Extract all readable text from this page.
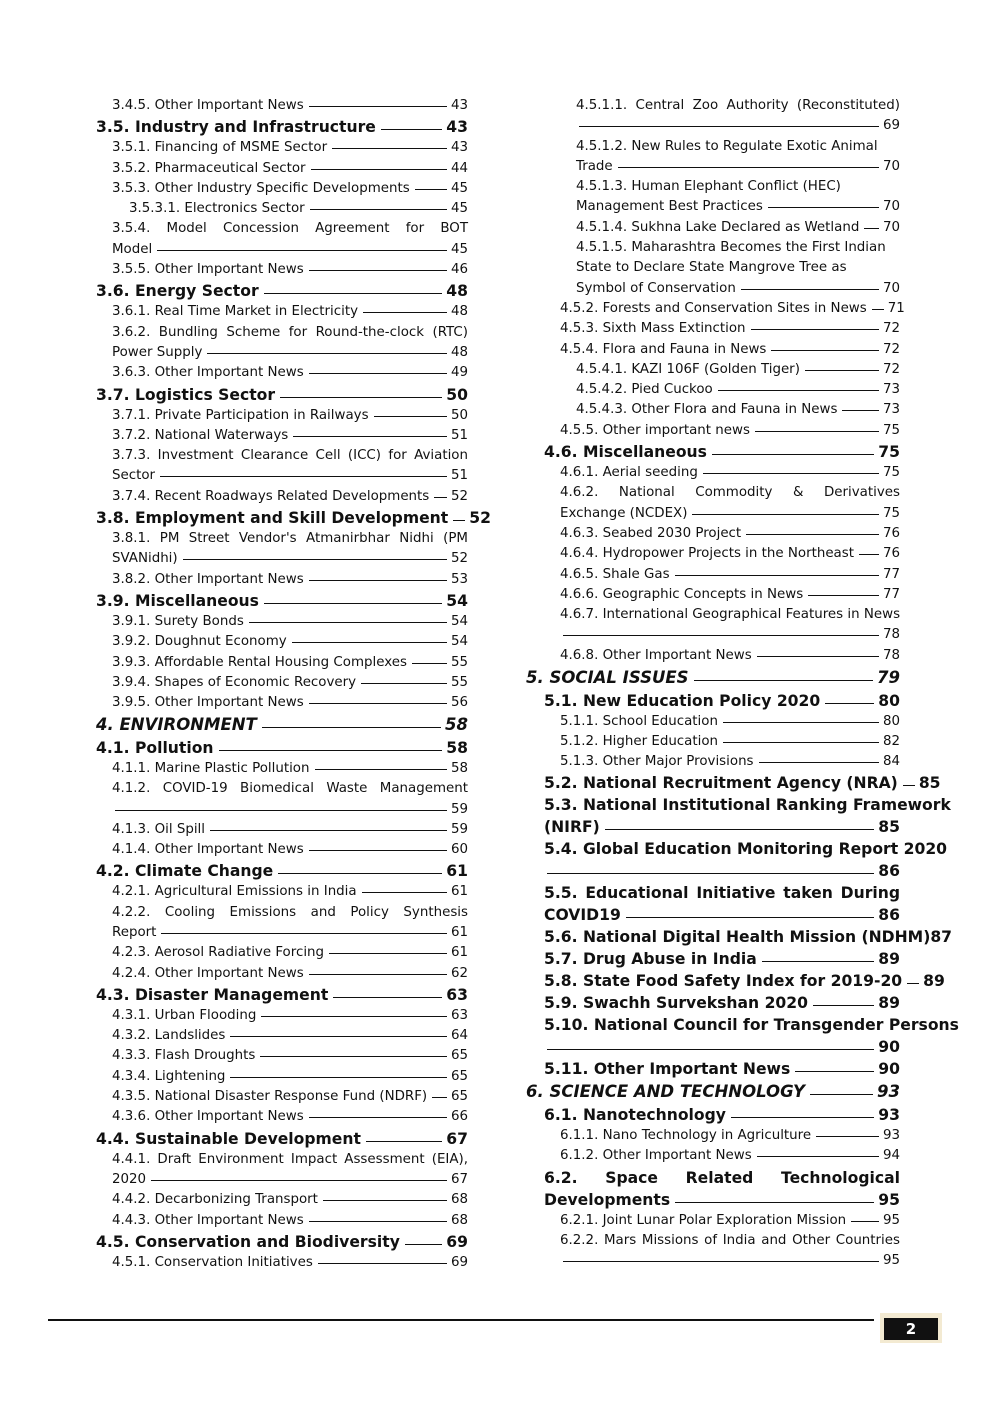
3.4.5. Other Important News	43
3.5. Industry and Infrastructure	43
3.5.1. Financing of MSME Sector	43
3.5.2. Pharmaceutical Sector	44
3.5.3. Other Industry Specific Developments	45
3.5.3.1. Electronics Sector	45
3.5.4. Model Concession Agreement for BOT
Model	45
3.5.5. Other Important News	46
3.6. Energy Sector	48
3.6.1. Real Time Market in Electricity	48
3.6.2. Bundling Scheme for Round-the-clock (RTC)
Power Supply	48
3.6.3. Other Important News	49
3.7. Logistics Sector	50
3.7.1. Private Participation in Railways	50
3.7.2. National Waterways	51
3.7.3. Investment Clearance Cell (ICC) for Aviation
Sector	51
3.7.4. Recent Roadways Related Developments 52
3.8. Employment and Skill Development 52
3.8.1. PM Street Vendor's Atmanirbhar Nidhi (PM
SVANidhi)	52
3.8.2. Other Important News	53
3.9. Miscellaneous	54
3.9.1. Surety Bonds	54
3.9.2. Doughnut Economy	54
3.9.3. Affordable Rental Housing Complexes	55
3.9.4. Shapes of Economic Recovery	55
3.9.5. Other Important News	56
4. ENVIRONMENT	58
4.1. Pollution	58
4.1.1. Marine Plastic Pollution	58
4.1.2. COVID-19 Biomedical Waste Management
59
4.1.3. Oil Spill	59
4.1.4. Other Important News	60
4.2. Climate Change	61
4.2.1. Agricultural Emissions in India	61
4.2.2. Cooling Emissions and Policy Synthesis
Report	61
4.2.3. Aerosol Radiative Forcing	61
4.2.4. Other Important News	62
4.3. Disaster Management	63
4.3.1. Urban Flooding	63
4.3.2. Landslides	64
4.3.3. Flash Droughts	65
4.3.4. Lightening	65
4.3.5. National Disaster Response Fund (NDRF) 65
4.3.6. Other Important News	66
4.4. Sustainable Development	67
4.4.1. Draft Environment Impact Assessment (EIA),
2020	67
4.4.2. Decarbonizing Transport	68
4.4.3. Other Important News	68
4.5. Conservation and Biodiversity	69
4.5.1. Conservation Initiatives	69
4.5.1.1. Central Zoo Authority (Reconstituted)
69
4.5.1.2. New Rules to Regulate Exotic Animal
Trade	70
4.5.1.3. Human Elephant Conflict (HEC)
Management Best Practices	70
4.5.1.4. Sukhna Lake Declared as Wetland 70
4.5.1.5. Maharashtra Becomes the First Indian
State to Declare State Mangrove Tree as
Symbol of Conservation	70
4.5.2. Forests and Conservation Sites in News 71
4.5.3. Sixth Mass Extinction	72
4.5.4. Flora and Fauna in News	72
4.5.4.1. KAZI 106F (Golden Tiger)	72
4.5.4.2. Pied Cuckoo	73
4.5.4.3. Other Flora and Fauna in News	73
4.5.5. Other important news	75
4.6. Miscellaneous	75
4.6.1. Aerial seeding	75
4.6.2. National Commodity & Derivatives
Exchange (NCDEX)	75
4.6.3. Seabed 2030 Project	76
4.6.4. Hydropower Projects in the Northeast 76
4.6.5. Shale Gas	77
4.6.6. Geographic Concepts in News	77
4.6.7. International Geographical Features in News
78
4.6.8. Other Important News	78
5. SOCIAL ISSUES	79
5.1. New Education Policy 2020	80
5.1.1. School Education	80
5.1.2. Higher Education	82
5.1.3. Other Major Provisions	84
5.2. National Recruitment Agency (NRA) 85
5.3. National Institutional Ranking Framework
(NIRF)	85
5.4. Global Education Monitoring Report 2020
86
5.5. Educational Initiative taken During
COVID19	86
5.6. National Digital Health Mission (NDHM) 87
5.7. Drug Abuse in India	89
5.8. State Food Safety Index for 2019-20 89
5.9. Swachh Survekshan 2020	89
5.10. National Council for Transgender Persons
90
5.11. Other Important News	90
6. SCIENCE AND TECHNOLOGY	93
6.1. Nanotechnology	93
6.1.1. Nano Technology in Agriculture	93
6.1.2. Other Important News	94
6.2. Space Related Technological
Developments	95
6.2.1. Joint Lunar Polar Exploration Mission	95
6.2.2. Mars Missions of India and Other Countries
95
2
